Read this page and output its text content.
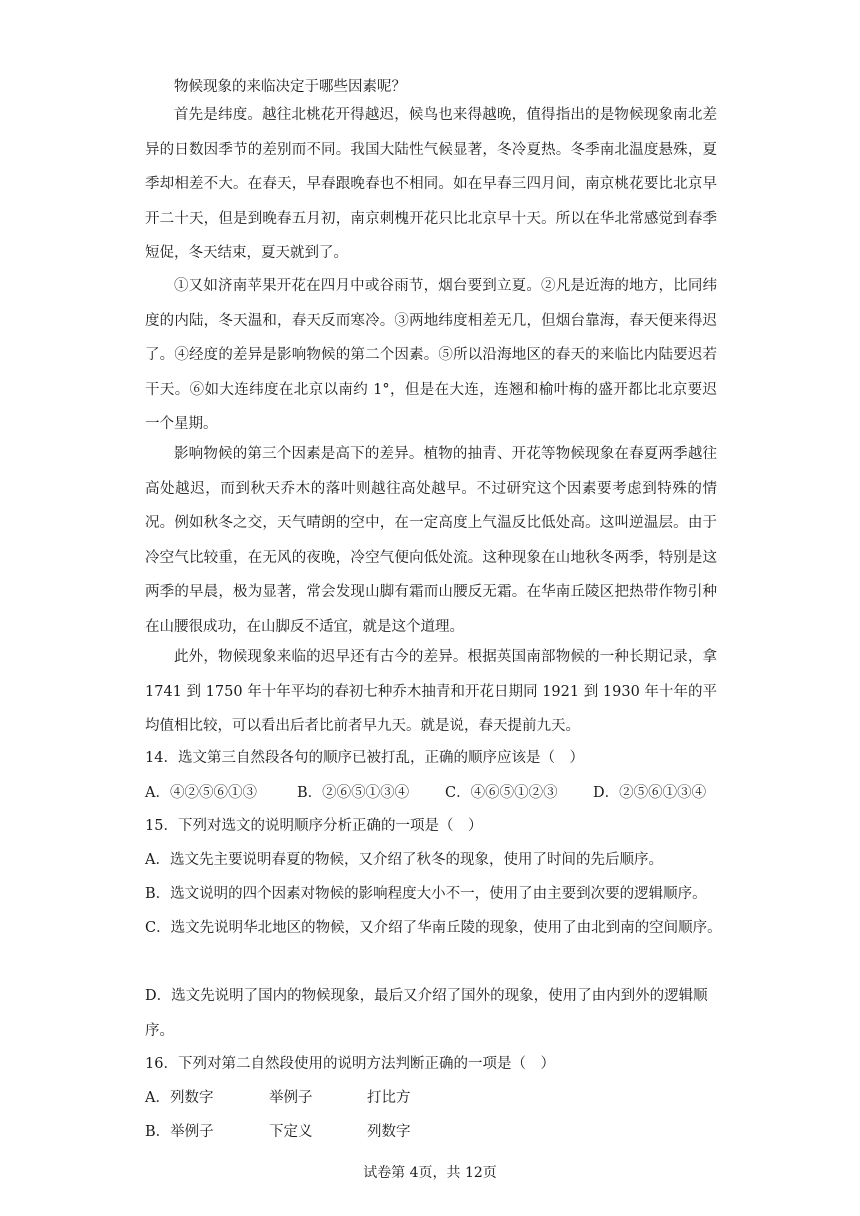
物候现象的来临决定于哪些因素呢？

首先是纬度。越往北桃花开得越迟，候鸟也来得越晚，值得指出的是物候现象南北差异的日数因季节的差别而不同。我国大陆性气候显著，冬冷夏热。冬季南北温度悬殊，夏季却相差不大。在春天，早春跟晚春也不相同。如在早春三四月间，南京桃花要比北京早开二十天，但是到晚春五月初，南京刺槐开花只比北京早十天。所以在华北常感觉到春季短促，冬天结束，夏天就到了。

①又如济南苹果开花在四月中或谷雨节，烟台要到立夏。②凡是近海的地方，比同纬度的内陆，冬天温和，春天反而寒冷。③两地纬度相差无几，但烟台靠海，春天便来得迟了。④经度的差异是影响物候的第二个因素。⑤所以沿海地区的春天的来临比内陆要迟若干天。⑥如大连纬度在北京以南约 1°，但是在大连，连翘和榆叶梅的盛开都比北京要迟一个星期。

影响物候的第三个因素是高下的差异。植物的抽青、开花等物候现象在春夏两季越往高处越迟，而到秋天乔木的落叶则越往高处越早。不过研究这个因素要考虑到特殊的情况。例如秋冬之交，天气晴朗的空中，在一定高度上气温反比低处高。这叫逆温层。由于冷空气比较重，在无风的夜晚，冷空气便向低处流。这种现象在山地秋冬两季，特别是这两季的早晨，极为显著，常会发现山脚有霜而山腰反无霜。在华南丘陵区把热带作物引种在山腰很成功，在山脚反不适宜，就是这个道理。

此外，物候现象来临的迟早还有古今的差异。根据英国南部物候的一种长期记录，拿 1741 到 1750 年十年平均的春初七种乔木抽青和开花日期同 1921 到 1930 年十年的平均值相比较，可以看出后者比前者早九天。就是说，春天提前九天。

14．选文第三自然段各句的顺序已被打乱，正确的顺序应该是（　）

A．④②⑤⑥①③	B．②⑥⑤①③④ C．④⑥⑤①②③ D．②⑤⑥①③④

15．下列对选文的说明顺序分析正确的一项是（　）

A．选文先主要说明春夏的物候，又介绍了秋冬的现象，使用了时间的先后顺序。

B．选文说明的四个因素对物候的影响程度大小不一，使用了由主要到次要的逻辑顺序。

C．选文先说明华北地区的物候，又介绍了华南丘陵的现象，使用了由北到南的空间顺序。

D．选文先说明了国内的物候现象，最后又介绍了国外的现象，使用了由内到外的逻辑顺序。

16．下列对第二自然段使用的说明方法判断正确的一项是（　）

A．列数字	举例子	打比方
B．举例子	下定义	列数字
试卷第 4页，共 12页
